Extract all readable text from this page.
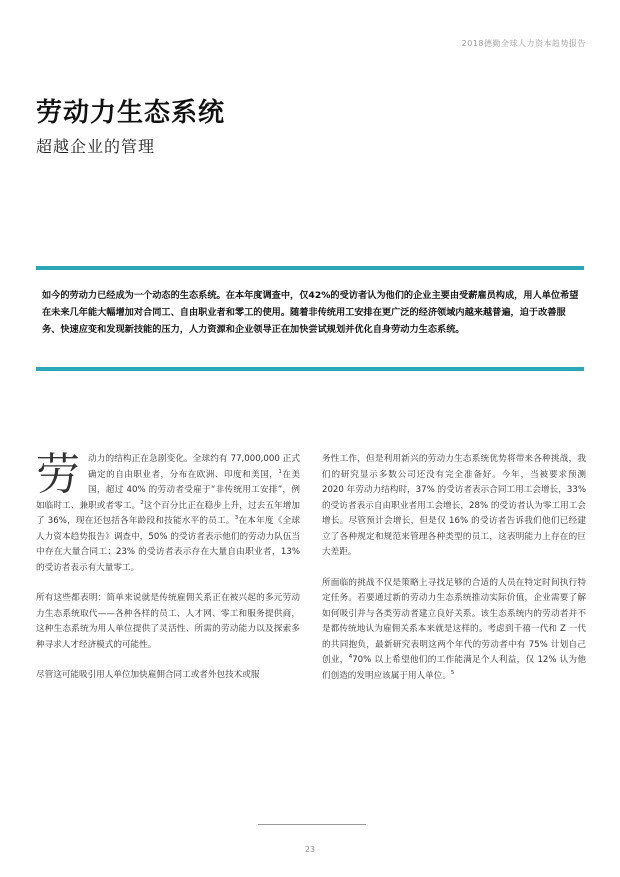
2018德勤全球人力资本趋势报告
劳动力生态系统
超越企业的管理
如今的劳动力已经成为一个动态的生态系统。在本年度调查中，仅42%的受访者认为他们的企业主要由受薪雇员构成，用人单位希望在未来几年能大幅增加对合同工、自由职业者和零工的使用。随着非传统用工安排在更广泛的经济领域内越来越普遍，迫于改善服务、快速应变和发现新技能的压力，人力资源和企业领导正在加快尝试规划并优化自身劳动力生态系统。

劳动力的结构正在急剧变化。全球约有 77,000,000 正式确定的自由职业者，分布在欧洲、印度和美国，$^1$在美国，超过 40% 的劳动者受雇于“非传统用工安排”，例如临时工、兼职或者零工。$^2$这个百分比正在稳步上升，过去五年增加了 36%，现在还包括各年龄段和技能水平的员工。$^3$在本年度《全球人力资本趋势报告》调查中，50% 的受访者表示他们的劳动力队伍当中存在大量合同工；23% 的受访者表示存在大量自由职业者，13% 的受访者表示有大量零工。

所有这些都表明：简单来说就是传统雇佣关系正在被兴起的多元劳动力生态系统取代——各种各样的员工、人才网、零工和服务提供商，这种生态系统为用人单位提供了灵活性、所需的劳动能力以及探索多种寻求人才经济模式的可能性。

尽管这可能吸引用人单位加快雇佣合同工或者外包技术或服

务性工作，但是利用新兴的劳动力生态系统优势将带来各种挑战，我们的研究显示多数公司还没有完全准备好。今年，当被要求预测 2020 年劳动力结构时，37% 的受访者表示合同工用工会增长，33% 的受访者表示自由职业者用工会增长，28% 的受访者认为零工用工会增长。尽管预计会增长，但是仅 16% 的受访者告诉我们他们已经建立了各种规定和规范来管理各种类型的员工，这表明能力上存在的巨大差距。

所面临的挑战不仅是策略上寻找足够的合适的人员在特定时间执行特定任务。若要通过新的劳动力生态系统推动实际价值，企业需要了解如何吸引并与各类劳动者建立良好关系。该生态系统内的劳动者并不是都传统地认为雇佣关系本来就是这样的。考虑到千禧一代和 Z 一代的共同抱负，最新研究表明这两个年代的劳动者中有 75% 计划自己创业，$^4$70% 以上希望他们的工作能满足个人利益，仅 12% 认为他们创造的发明应该属于用人单位。$^5$

23
